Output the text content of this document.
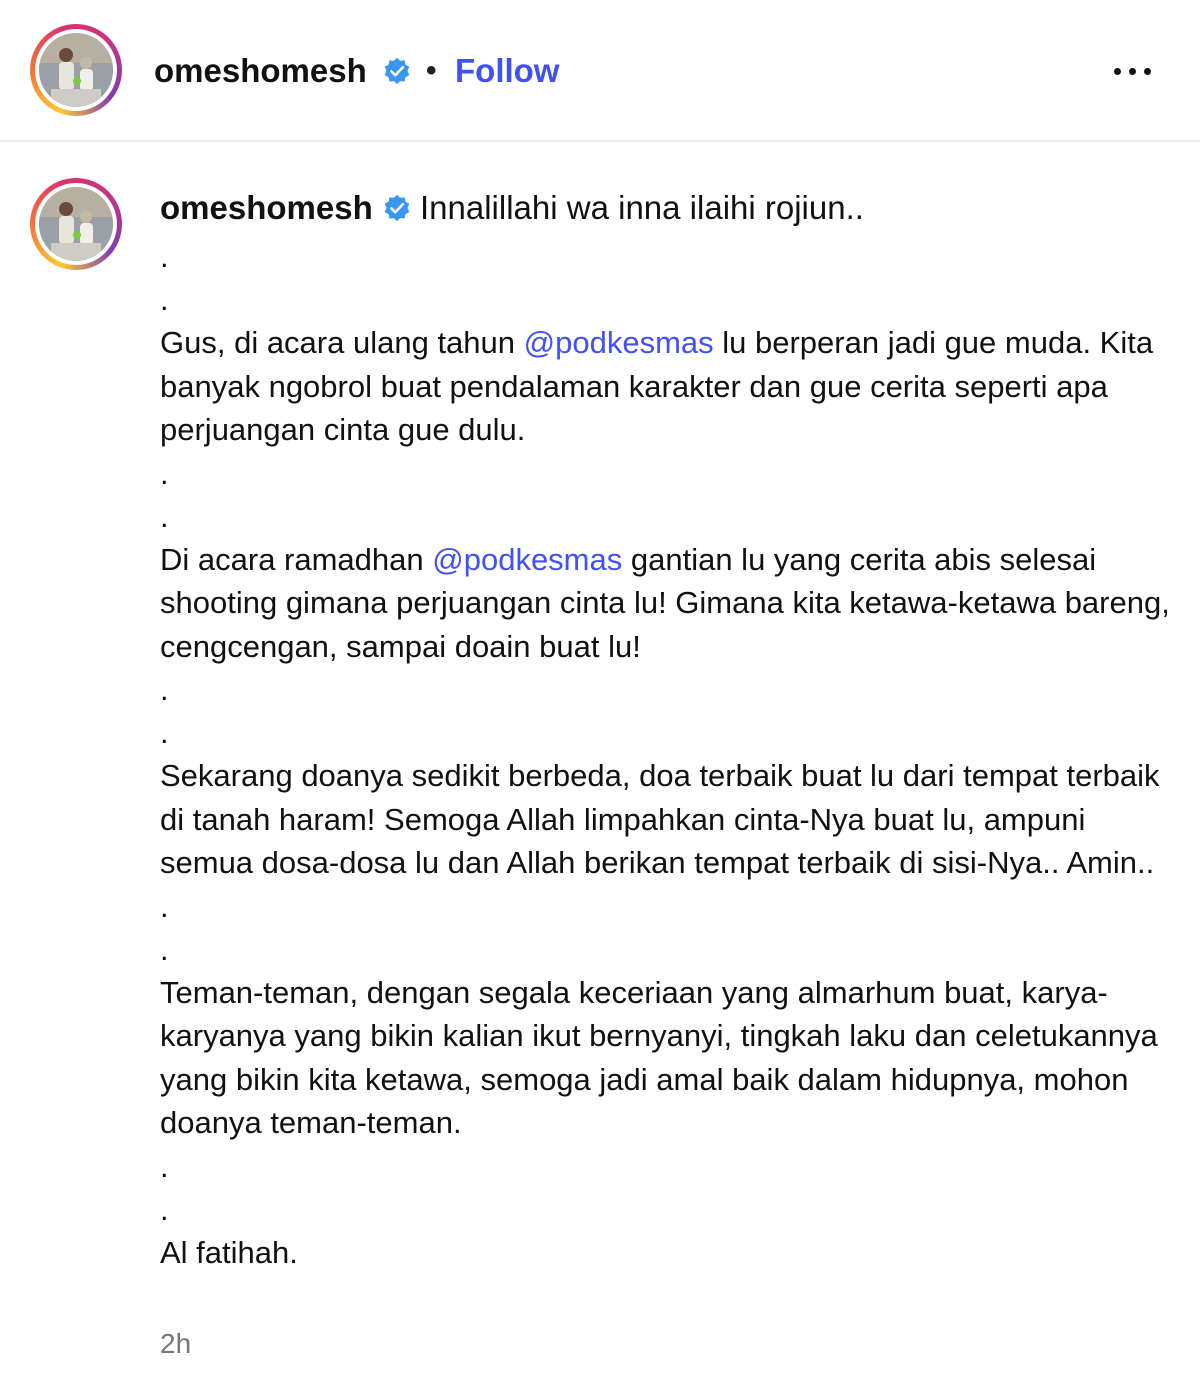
omeshomesh • Follow
omeshomesh Innalillahi wa inna ilaihi rojiun..

.

.

Gus, di acara ulang tahun @podkesmas lu berperan jadi gue muda. Kita banyak ngobrol buat pendalaman karakter dan gue cerita seperti apa perjuangan cinta gue dulu.

.

.

Di acara ramadhan @podkesmas gantian lu yang cerita abis selesai shooting gimana perjuangan cinta lu! Gimana kita ketawa-ketawa bareng, cengcengan, sampai doain buat lu!

.

.

Sekarang doanya sedikit berbeda, doa terbaik buat lu dari tempat terbaik di tanah haram! Semoga Allah limpahkan cinta-Nya buat lu, ampuni semua dosa-dosa lu dan Allah berikan tempat terbaik di sisi-Nya.. Amin..

.

.

Teman-teman, dengan segala keceriaan yang almarhum buat, karya-karyanya yang bikin kalian ikut bernyanyi, tingkah laku dan celetukannya yang bikin kita ketawa, semoga jadi amal baik dalam hidupnya, mohon doanya teman-teman.

.

.

Al fatihah.

2h
